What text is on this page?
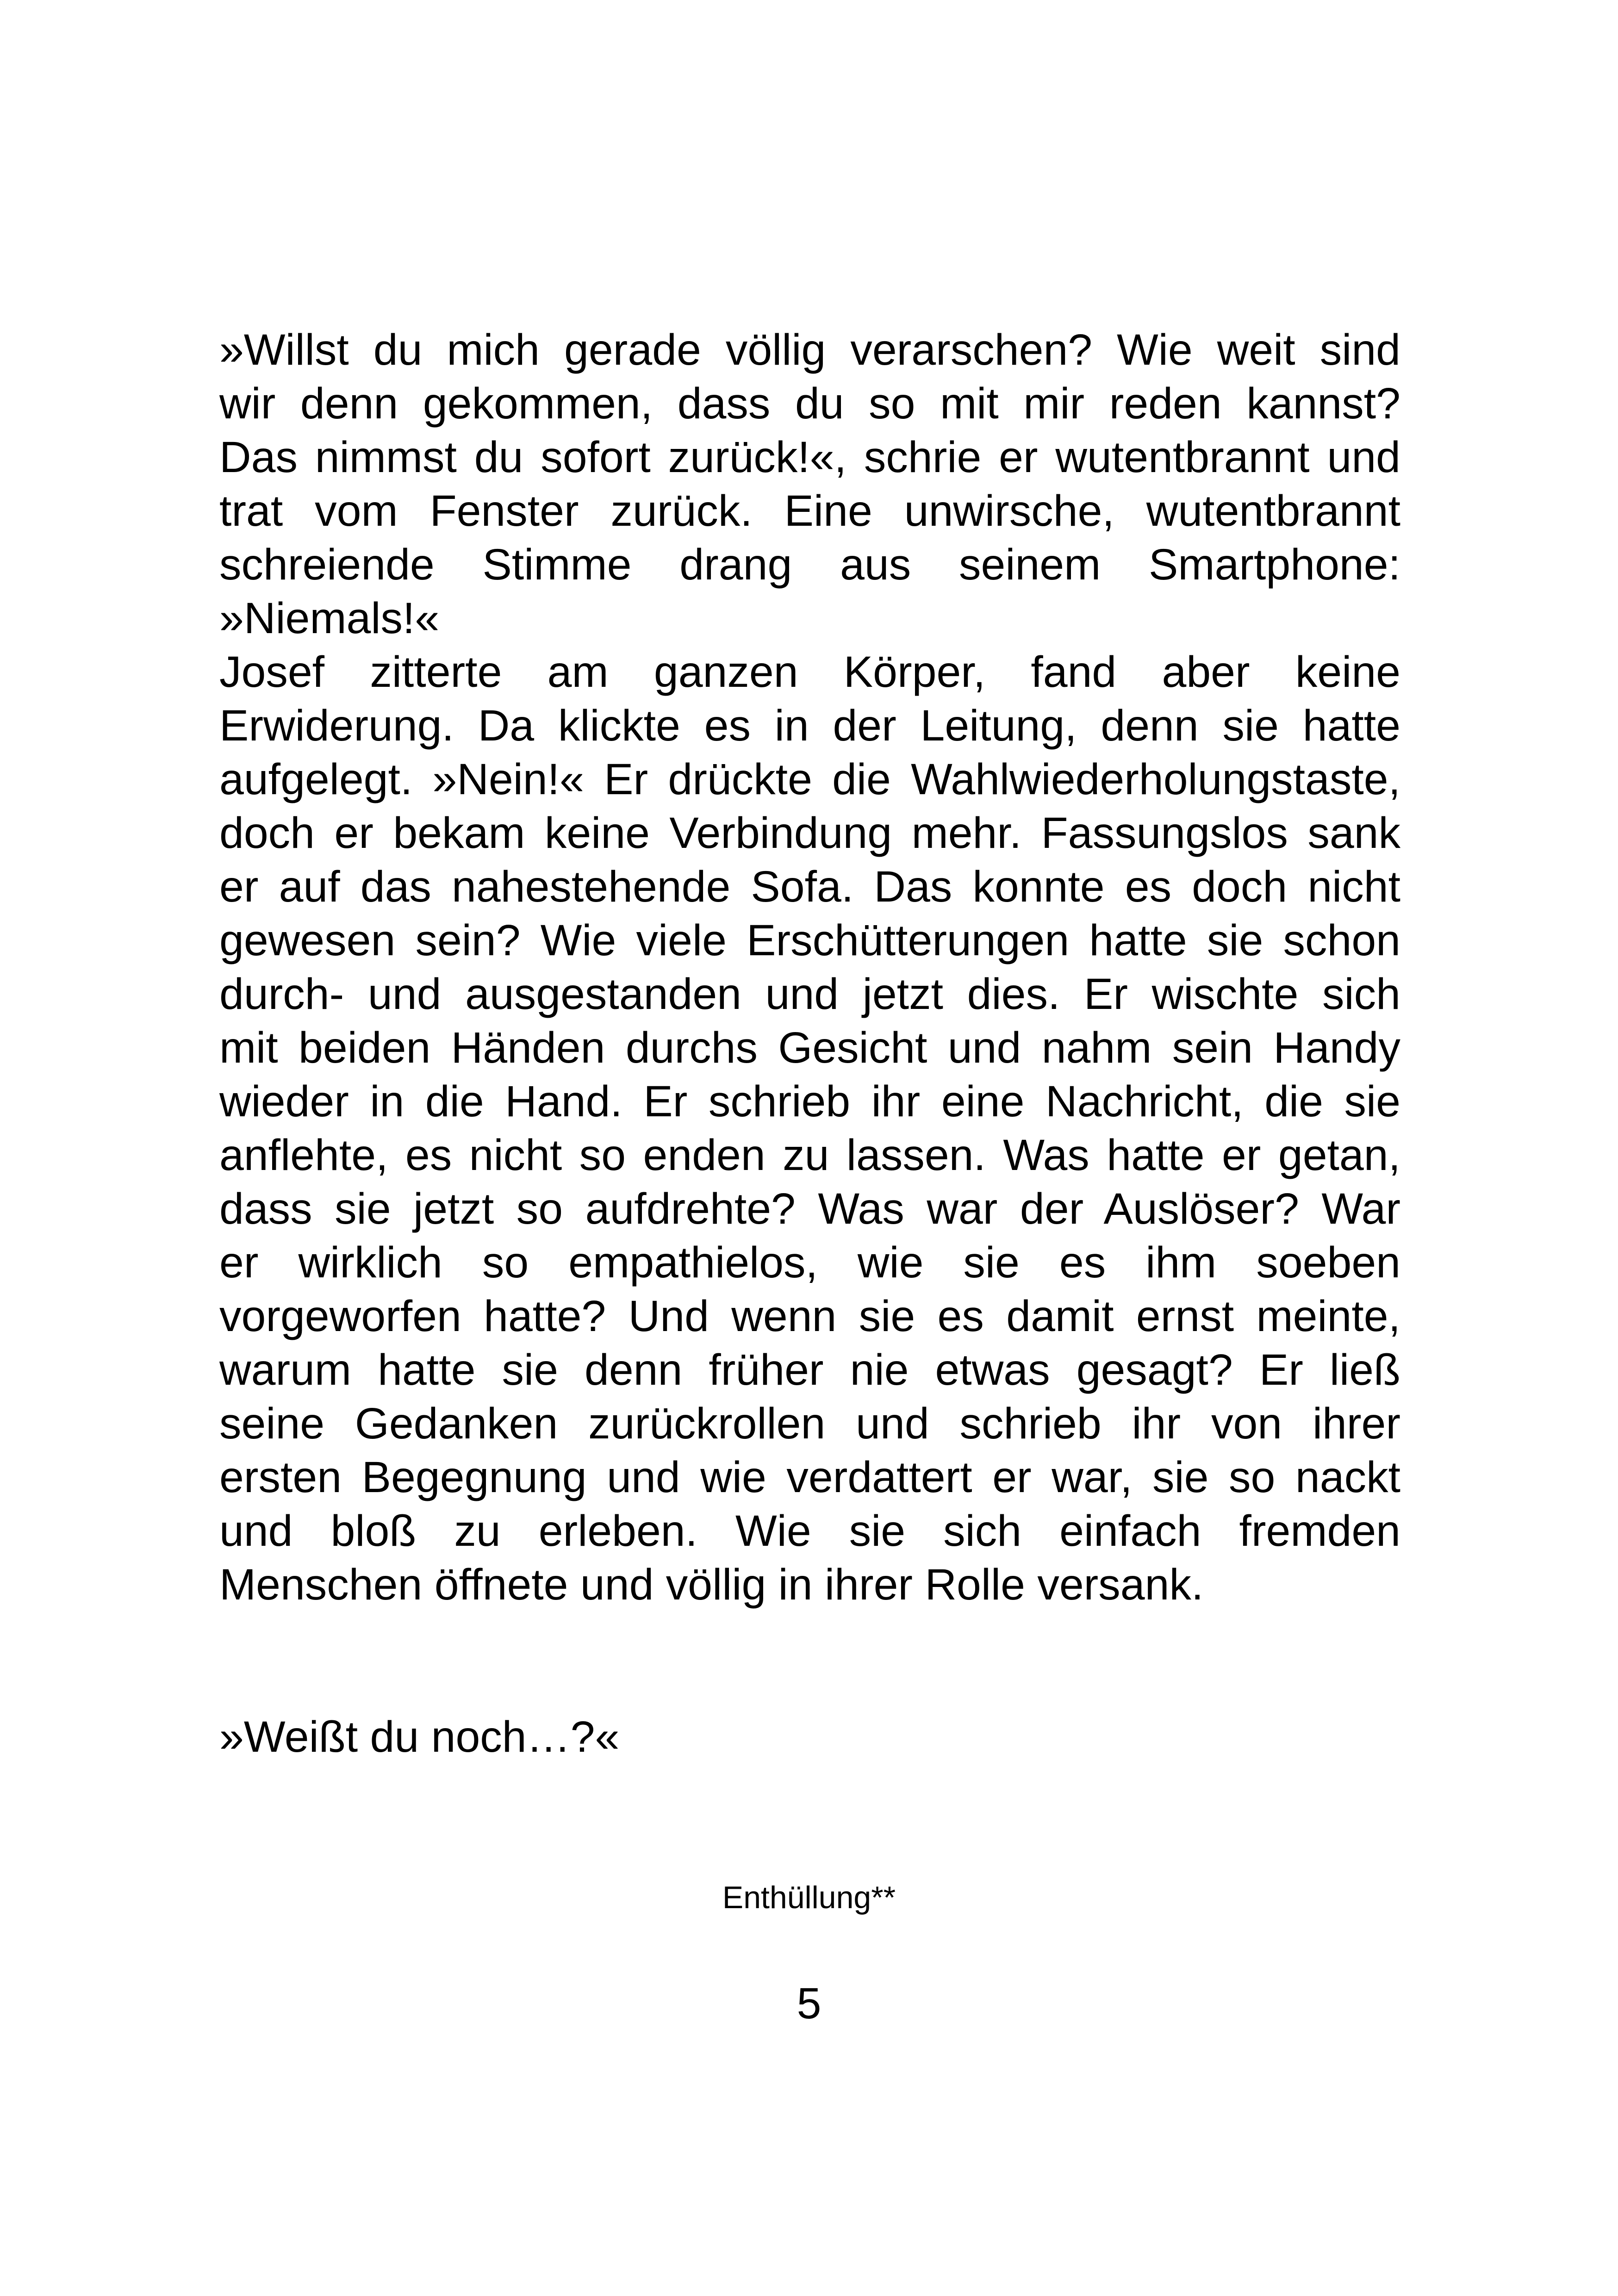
»Willst du mich gerade völlig verarschen? Wie weit sind
wir denn gekommen, dass du so mit mir reden kannst?
Das nimmst du sofort zurück!«, schrie er wutentbrannt und
trat vom Fenster zurück. Eine unwirsche, wutentbrannt
schreiende Stimme drang aus seinem Smartphone:
»Niemals!«
Josef zitterte am ganzen Körper, fand aber keine
Erwiderung. Da klickte es in der Leitung, denn sie hatte
aufgelegt. »Nein!« Er drückte die Wahlwiederholungstaste,
doch er bekam keine Verbindung mehr. Fassungslos sank
er auf das nahestehende Sofa. Das konnte es doch nicht
gewesen sein? Wie viele Erschütterungen hatte sie schon
durch- und ausgestanden und jetzt dies. Er wischte sich
mit beiden Händen durchs Gesicht und nahm sein Handy
wieder in die Hand. Er schrieb ihr eine Nachricht, die sie
anflehte, es nicht so enden zu lassen. Was hatte er getan,
dass sie jetzt so aufdrehte? Was war der Auslöser? War
er wirklich so empathielos, wie sie es ihm soeben
vorgeworfen hatte? Und wenn sie es damit ernst meinte,
warum hatte sie denn früher nie etwas gesagt? Er ließ
seine Gedanken zurückrollen und schrieb ihr von ihrer
ersten Begegnung und wie verdattert er war, sie so nackt
und bloß zu erleben. Wie sie sich einfach fremden
Menschen öffnete und völlig in ihrer Rolle versank.
»Weißt du noch…?«
Enthüllung**
5
